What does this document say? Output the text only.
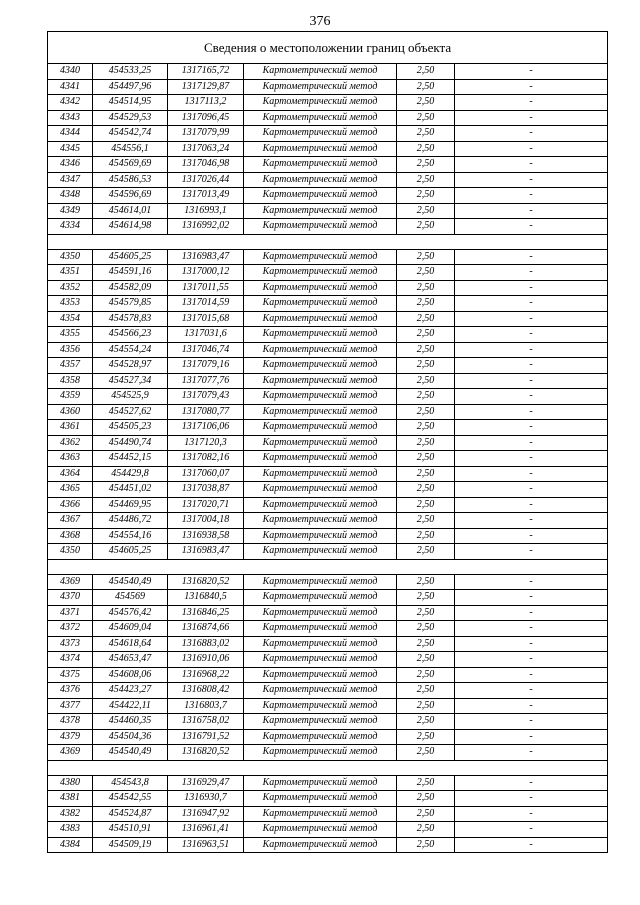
376
Сведения о местоположении границ объекта					
4340	454533,25	1317165,72	Картометрический метод	2,50	-
4341	454497,96	1317129,87	Картометрический метод	2,50	-
4342	454514,95	1317113,2	Картометрический метод	2,50	-
4343	454529,53	1317096,45	Картометрический метод	2,50	-
4344	454542,74	1317079,99	Картометрический метод	2,50	-
4345	454556,1	1317063,24	Картометрический метод	2,50	-
4346	454569,69	1317046,98	Картометрический метод	2,50	-
4347	454586,53	1317026,44	Картометрический метод	2,50	-
4348	454596,69	1317013,49	Картометрический метод	2,50	-
4349	454614,01	1316993,1	Картометрический метод	2,50	-
4334	454614,98	1316992,02	Картометрический метод	2,50	-

4350	454605,25	1316983,47	Картометрический метод	2,50	-
4351	454591,16	1317000,12	Картометрический метод	2,50	-
4352	454582,09	1317011,55	Картометрический метод	2,50	-
4353	454579,85	1317014,59	Картометрический метод	2,50	-
4354	454578,83	1317015,68	Картометрический метод	2,50	-
4355	454566,23	1317031,6	Картометрический метод	2,50	-
4356	454554,24	1317046,74	Картометрический метод	2,50	-
4357	454528,97	1317079,16	Картометрический метод	2,50	-
4358	454527,34	1317077,76	Картометрический метод	2,50	-
4359	454525,9	1317079,43	Картометрический метод	2,50	-
4360	454527,62	1317080,77	Картометрический метод	2,50	-
4361	454505,23	1317106,06	Картометрический метод	2,50	-
4362	454490,74	1317120,3	Картометрический метод	2,50	-
4363	454452,15	1317082,16	Картометрический метод	2,50	-
4364	454429,8	1317060,07	Картометрический метод	2,50	-
4365	454451,02	1317038,87	Картометрический метод	2,50	-
4366	454469,95	1317020,71	Картометрический метод	2,50	-
4367	454486,72	1317004,18	Картометрический метод	2,50	-
4368	454554,16	1316938,58	Картометрический метод	2,50	-
4350	454605,25	1316983,47	Картометрический метод	2,50	-

4369	454540,49	1316820,52	Картометрический метод	2,50	-
4370	454569	1316840,5	Картометрический метод	2,50	-
4371	454576,42	1316846,25	Картометрический метод	2,50	-
4372	454609,04	1316874,66	Картометрический метод	2,50	-
4373	454618,64	1316883,02	Картометрический метод	2,50	-
4374	454653,47	1316910,06	Картометрический метод	2,50	-
4375	454608,06	1316968,22	Картометрический метод	2,50	-
4376	454423,27	1316808,42	Картометрический метод	2,50	-
4377	454422,11	1316803,7	Картометрический метод	2,50	-
4378	454460,35	1316758,02	Картометрический метод	2,50	-
4379	454504,36	1316791,52	Картометрический метод	2,50	-
4369	454540,49	1316820,52	Картометрический метод	2,50	-

4380	454543,8	1316929,47	Картометрический метод	2,50	-
4381	454542,55	1316930,7	Картометрический метод	2,50	-
4382	454524,87	1316947,92	Картометрический метод	2,50	-
4383	454510,91	1316961,41	Картометрический метод	2,50	-
4384	454509,19	1316963,51	Картометрический метод	2,50	-
